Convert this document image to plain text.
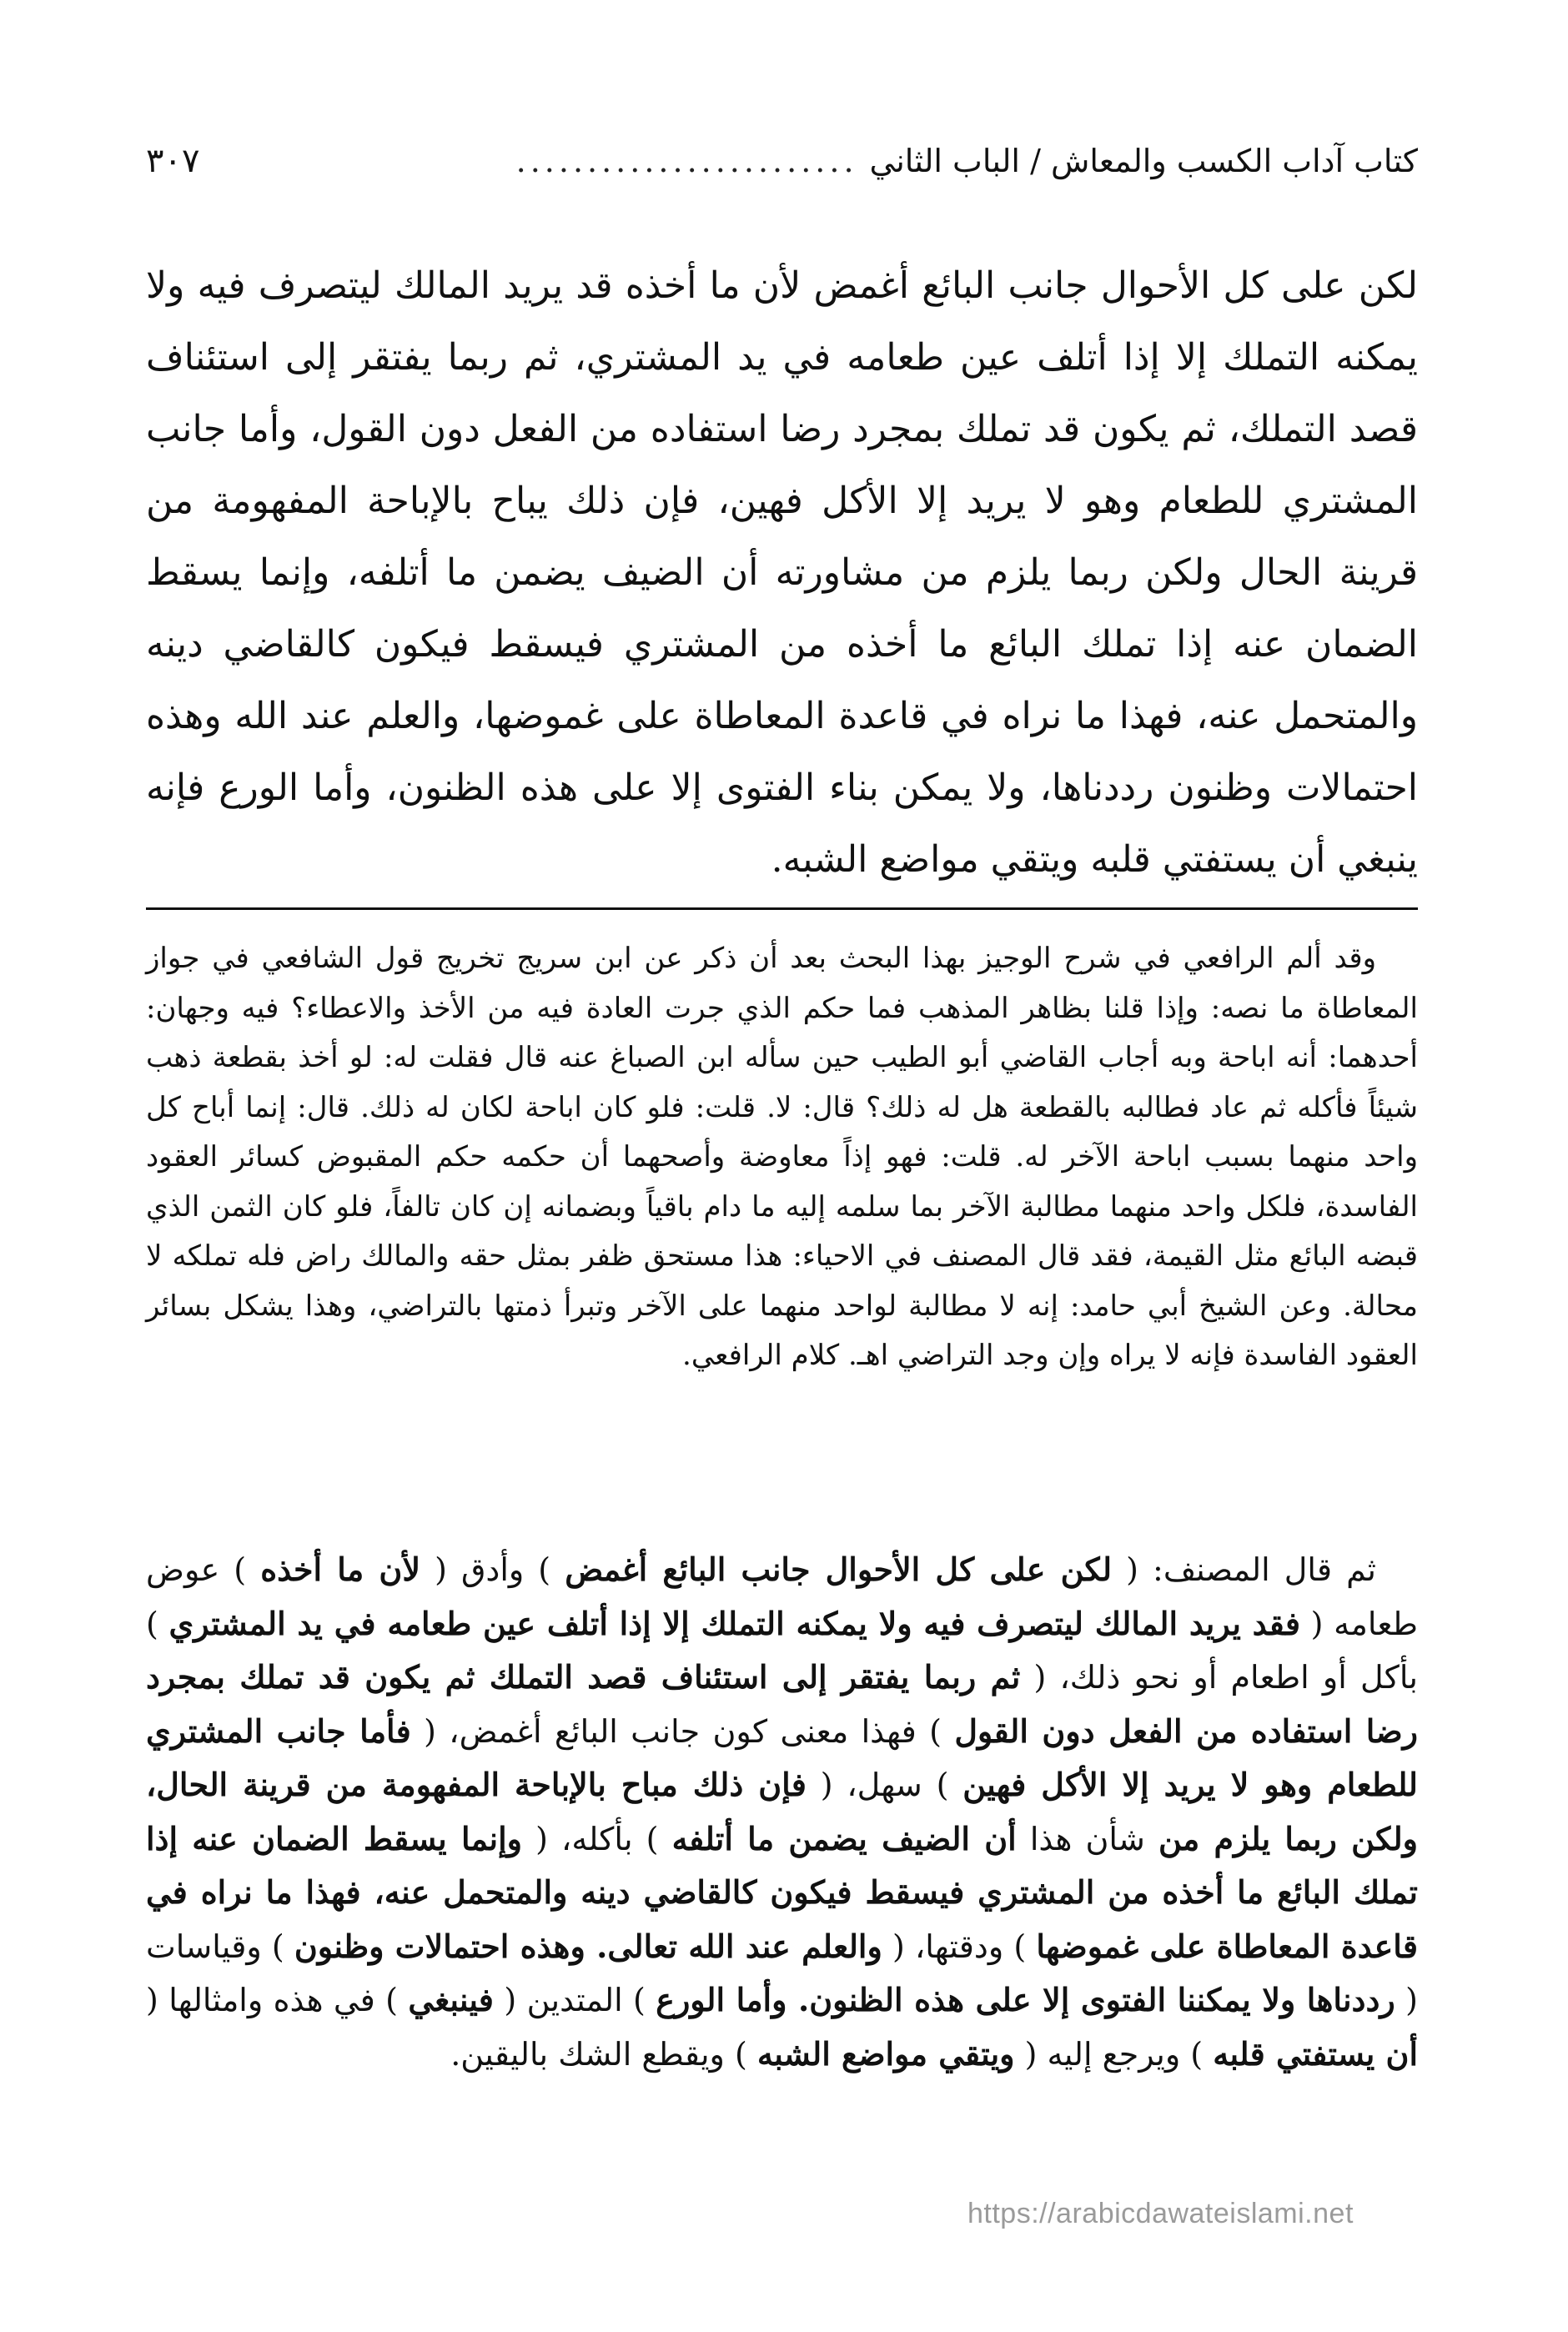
كتاب آداب الكسب والمعاش / الباب الثاني
........................
٣٠٧

لكن على كل الأحوال جانب البائع أغمض لأن ما أخذه قد يريد المالك ليتصرف فيه ولا يمكنه التملك إلا إذا أتلف عين طعامه في يد المشتري، ثم ربما يفتقر إلى استئناف قصد التملك، ثم يكون قد تملك بمجرد رضا استفاده من الفعل دون القول، وأما جانب المشتري للطعام وهو لا يريد إلا الأكل فهين، فإن ذلك يباح بالإباحة المفهومة من قرينة الحال ولكن ربما يلزم من مشاورته أن الضيف يضمن ما أتلفه، وإنما يسقط الضمان عنه إذا تملك البائع ما أخذه من المشتري فيسقط فيكون كالقاضي دينه والمتحمل عنه، فهذا ما نراه في قاعدة المعاطاة على غموضها، والعلم عند الله وهذه احتمالات وظنون رددناها، ولا يمكن بناء الفتوى إلا على هذه الظنون، وأما الورع فإنه ينبغي أن يستفتي قلبه ويتقي مواضع الشبه.

وقد ألم الرافعي في شرح الوجيز بهذا البحث بعد أن ذكر عن ابن سريج تخريج قول الشافعي في جواز المعاطاة ما نصه: وإذا قلنا بظاهر المذهب فما حكم الذي جرت العادة فيه من الأخذ والاعطاء؟ فيه وجهان: أحدهما: أنه اباحة وبه أجاب القاضي أبو الطيب حين سأله ابن الصباغ عنه قال فقلت له: لو أخذ بقطعة ذهب شيئاً فأكله ثم عاد فطالبه بالقطعة هل له ذلك؟ قال: لا. قلت: فلو كان اباحة لكان له ذلك. قال: إنما أباح كل واحد منهما بسبب اباحة الآخر له. قلت: فهو إذاً معاوضة وأصحهما أن حكمه حكم المقبوض كسائر العقود الفاسدة، فلكل واحد منهما مطالبة الآخر بما سلمه إليه ما دام باقياً وبضمانه إن كان تالفاً، فلو كان الثمن الذي قبضه البائع مثل القيمة، فقد قال المصنف في الاحياء: هذا مستحق ظفر بمثل حقه والمالك راض فله تملكه لا محالة. وعن الشيخ أبي حامد: إنه لا مطالبة لواحد منهما على الآخر وتبرأ ذمتها بالتراضي، وهذا يشكل بسائر العقود الفاسدة فإنه لا يراه وإن وجد التراضي اهـ. كلام الرافعي.

ثم قال المصنف: ( لكن على كل الأحوال جانب البائع أغمض ) وأدق ( لأن ما أخذه ) عوض طعامه ( فقد يريد المالك ليتصرف فيه ولا يمكنه التملك إلا إذا أتلف عين طعامه في يد المشتري ) بأكل أو اطعام أو نحو ذلك، ( ثم ربما يفتقر إلى استئناف قصد التملك ثم يكون قد تملك بمجرد رضا استفاده من الفعل دون القول ) فهذا معنى كون جانب البائع أغمض، ( فأما جانب المشتري للطعام وهو لا يريد إلا الأكل فهين ) سهل، ( فإن ذلك مباح بالإباحة المفهومة من قرينة الحال، ولكن ربما يلزم من شأن هذا أن الضيف يضمن ما أتلفه ) بأكله، ( وإنما يسقط الضمان عنه إذا تملك البائع ما أخذه من المشتري فيسقط فيكون كالقاضي دينه والمتحمل عنه، فهذا ما نراه في قاعدة المعاطاة على غموضها ) ودقتها، ( والعلم عند الله تعالى. وهذه احتمالات وظنون ) وقياسات ( رددناها ولا يمكننا الفتوى إلا على هذه الظنون. وأما الورع ) المتدين ( فينبغي ) في هذه وامثالها ( أن يستفتي قلبه ) ويرجع إليه ( ويتقي مواضع الشبه ) ويقطع الشك باليقين.

https://arabicdawateislami.net
